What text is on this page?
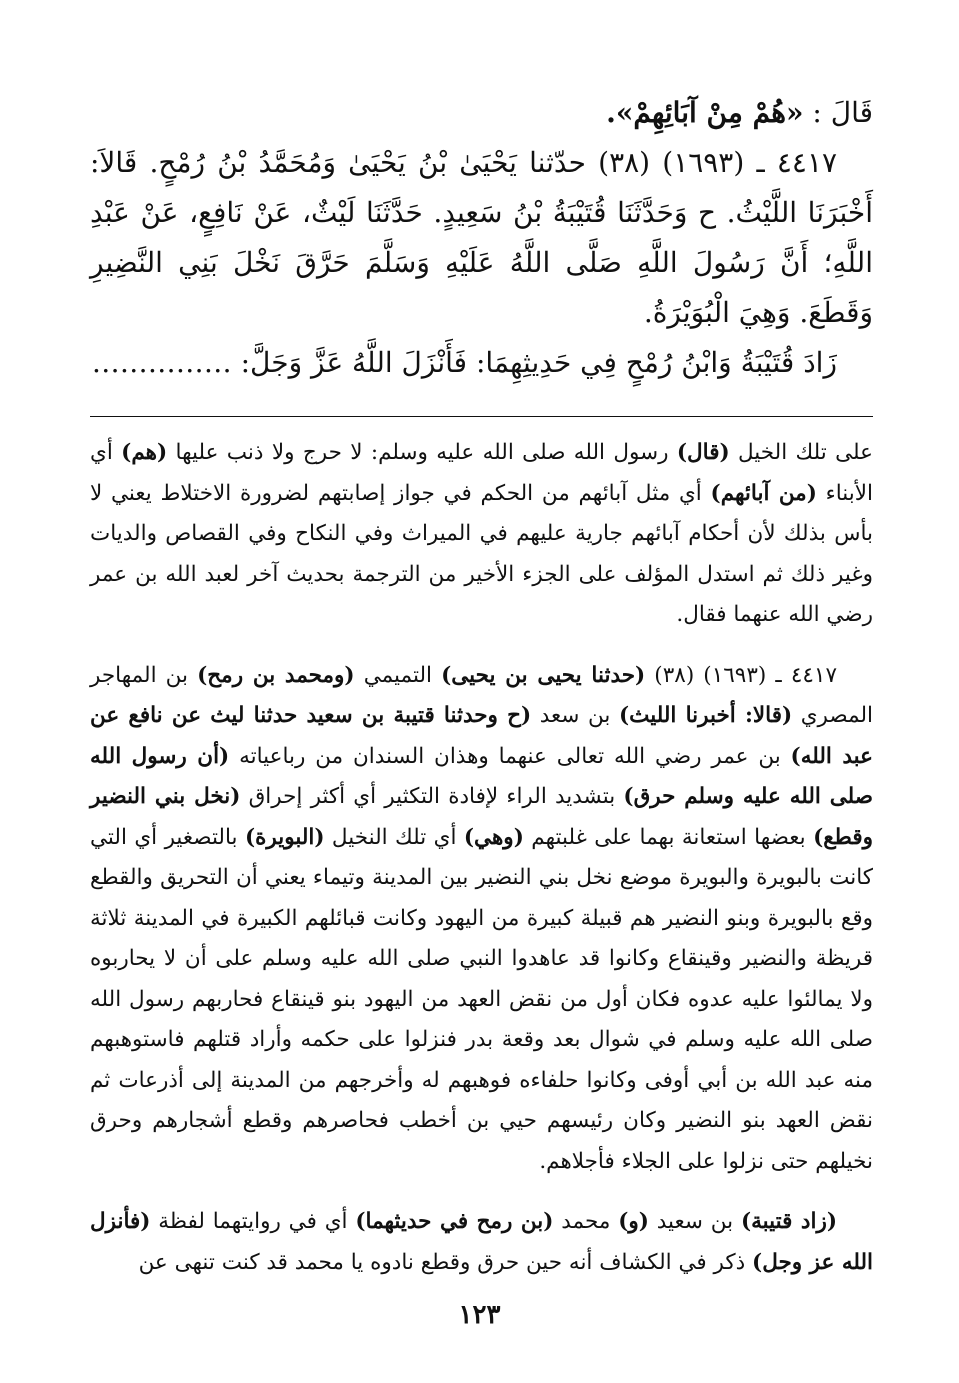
قَالَ : «هُمْ مِنْ آبَائِهِمْ».

٤٤١٧ ـ (١٦٩٣) (٣٨) حدّثنا يَحْيَىٰ بْنُ يَحْيَىٰ وَمُحَمَّدُ بْنُ رُمْحٍ. قَالاَ: أَخْبَرَنَا اللَّيْثُ. ح وَحَدَّثَنَا قُتَيْبَةُ بْنُ سَعِيدٍ. حَدَّثَنَا لَيْثٌ، عَنْ نَافِعٍ، عَنْ عَبْدِ اللَّهِ؛ أَنَّ رَسُولَ اللَّهِ صَلَّى اللَّهُ عَلَيْهِ وَسَلَّمَ حَرَّقَ نَخْلَ بَنِي النَّضِيرِ وَقَطَعَ. وَهِيَ الْبُوَيْرَةُ.

زَادَ قُتَيْبَةُ وَابْنُ رُمْحٍ فِي حَدِيثِهِمَا: فَأَنْزَلَ اللَّهُ عَزَّ وَجَلَّ: ……………

على تلك الخيل (قال) رسول الله صلى الله عليه وسلم: لا حرج ولا ذنب عليها (هم) أي الأبناء (من آبائهم) أي مثل آبائهم من الحكم في جواز إصابتهم لضرورة الاختلاط يعني لا بأس بذلك لأن أحكام آبائهم جارية عليهم في الميراث وفي النكاح وفي القصاص والديات وغير ذلك ثم استدل المؤلف على الجزء الأخير من الترجمة بحديث آخر لعبد الله بن عمر رضي الله عنهما فقال.

٤٤١٧ ـ (١٦٩٣) (٣٨) (حدثنا يحيى بن يحيى) التميمي (ومحمد بن رمح) بن المهاجر المصري (قالا: أخبرنا الليث) بن سعد (ح وحدثنا قتيبة بن سعيد حدثنا ليث عن نافع عن عبد الله) بن عمر رضي الله تعالى عنهما وهذان السندان من رباعياته (أن رسول الله صلى الله عليه وسلم حرق) بتشديد الراء لإفادة التكثير أي أكثر إحراق (نخل بني النضير وقطع) بعضها استعانة بهما على غلبتهم (وهي) أي تلك النخيل (البويرة) بالتصغير أي التي كانت بالبويرة والبويرة موضع نخل بني النضير بين المدينة وتيماء يعني أن التحريق والقطع وقع بالبويرة وبنو النضير هم قبيلة كبيرة من اليهود وكانت قبائلهم الكبيرة في المدينة ثلاثة قريظة والنضير وقينقاع وكانوا قد عاهدوا النبي صلى الله عليه وسلم على أن لا يحاربوه ولا يمالئوا عليه عدوه فكان أول من نقض العهد من اليهود بنو قينقاع فحاربهم رسول الله صلى الله عليه وسلم في شوال بعد وقعة بدر فنزلوا على حكمه وأراد قتلهم فاستوهبهم منه عبد الله بن أبي أوفى وكانوا حلفاءه فوهبهم له وأخرجهم من المدينة إلى أذرعات ثم نقض العهد بنو النضير وكان رئيسهم حيي بن أخطب فحاصرهم وقطع أشجارهم وحرق نخيلهم حتى نزلوا على الجلاء فأجلاهم.

(زاد قتيبة) بن سعيد (و) محمد (بن رمح في حديثهما) أي في روايتهما لفظة (فأنزل الله عز وجل) ذكر في الكشاف أنه حين حرق وقطع نادوه يا محمد قد كنت تنهى عن

١٢٣
